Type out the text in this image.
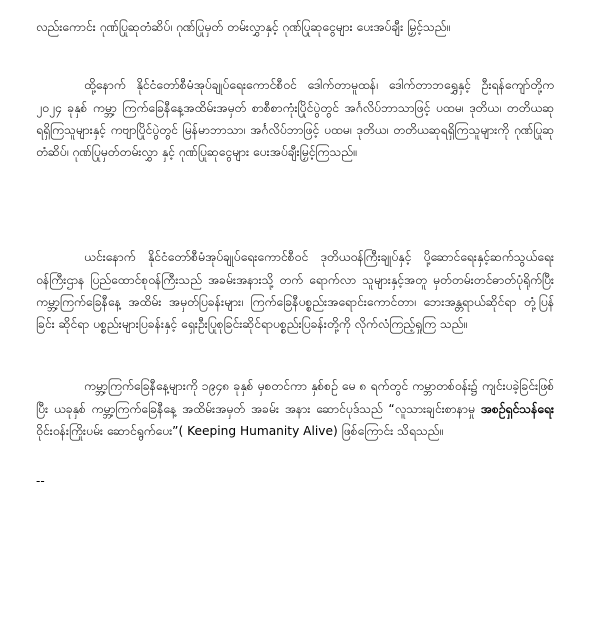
လည်းကောင်း ဂုဏ်ပြုဆုတံဆိပ်၊ ဂုဏ်ပြုမှတ် တမ်းလွှာနှင့် ဂုဏ်ပြုဆုငွေများ ပေးအပ်ချီး မြှင့်သည်။

ထို့နောက် နိုင်ငံတော်စီမံအုပ်ချုပ်ရေးကောင်စီဝင် ဒေါက်တာမူထန်၊ ဒေါက်တာဘရွှေနှင့် ဦးရန်ကျော်တို့က ၂၀၂၄ ခုနှစ် ကမ္ဘာ့ ကြက်ခြေနီနေ့အထိမ်းအမှတ် စာစီစာကုံးပြိုင်ပွဲတွင် အင်္ဂလိပ်ဘာသာဖြင့် ပထမ၊ ဒုတိယ၊ တတိယဆုရရှိကြသူများနှင့် ကဗျာပြိုင်ပွဲတွင် မြန်မာဘာသာ၊ အင်္ဂလိပ်ဘာဖြင့် ပထမ၊ ဒုတိယ၊ တတိယဆုရရှိကြသူများကို ဂုဏ်ပြုဆုတံဆိပ်၊ ဂုဏ်ပြုမှတ်တမ်းလွှာ နှင့် ဂုဏ်ပြုဆုငွေများ ပေးအပ်ချီးမြှင့်ကြသည်။

ယင်းနောက် နိုင်ငံတော်စီမံအုပ်ချုပ်ရေးကောင်စီဝင် ဒုတိယဝန်ကြီးချုပ်နှင့် ပို့ဆောင်ရေးနှင့်ဆက်သွယ်ရေးဝန်ကြီးဌာန ပြည်ထောင်စုဝန်ကြီးသည် အခမ်းအနားသို့ တက် ရောက်လာ သူများနှင့်အတူ မှတ်တမ်းတင်ဓာတ်ပုံရိုက်ပြီး ကမ္ဘာ့ကြက်ခြေနီနေ့ အထိမ်း အမှတ်ပြခန်းများ၊ ကြက်ခြေနီပစ္စည်းအရောင်းကောင်တာ၊ ဘေးအန္တရာယ်ဆိုင်ရာ တုံ့ပြန်ခြင်း ဆိုင်ရာ ပစ္စည်းများပြခန်းနှင့် ရှေးဦးပြုစုခြင်းဆိုင်ရာပစ္စည်းပြခန်းတို့ကို လိုက်လံကြည့်ရှုကြ သည်။

ကမ္ဘာ့ကြက်ခြေနီနေ့များကို ၁၉၄၈ ခုနှစ် မှစတင်ကာ နှစ်စဉ် မေ ၈ ရက်တွင် ကမ္ဘာတစ်ဝန်း၌ ကျင်းပခဲ့ခြင်းဖြစ်ပြီး ယခုနှစ် ကမ္ဘာ့ကြက်ခြေနီနေ့ အထိမ်းအမှတ် အခမ်း အနား ဆောင်ပုဒ်သည် “လူသားချင်းစာနာမှု အစဉ်ရှင်သန်ရေး ဝိုင်းဝန်းကြိုးပမ်း ဆောင်ရွက်ပေး”( Keeping Humanity Alive) ဖြစ်ကြောင်း သိရသည်။

--
